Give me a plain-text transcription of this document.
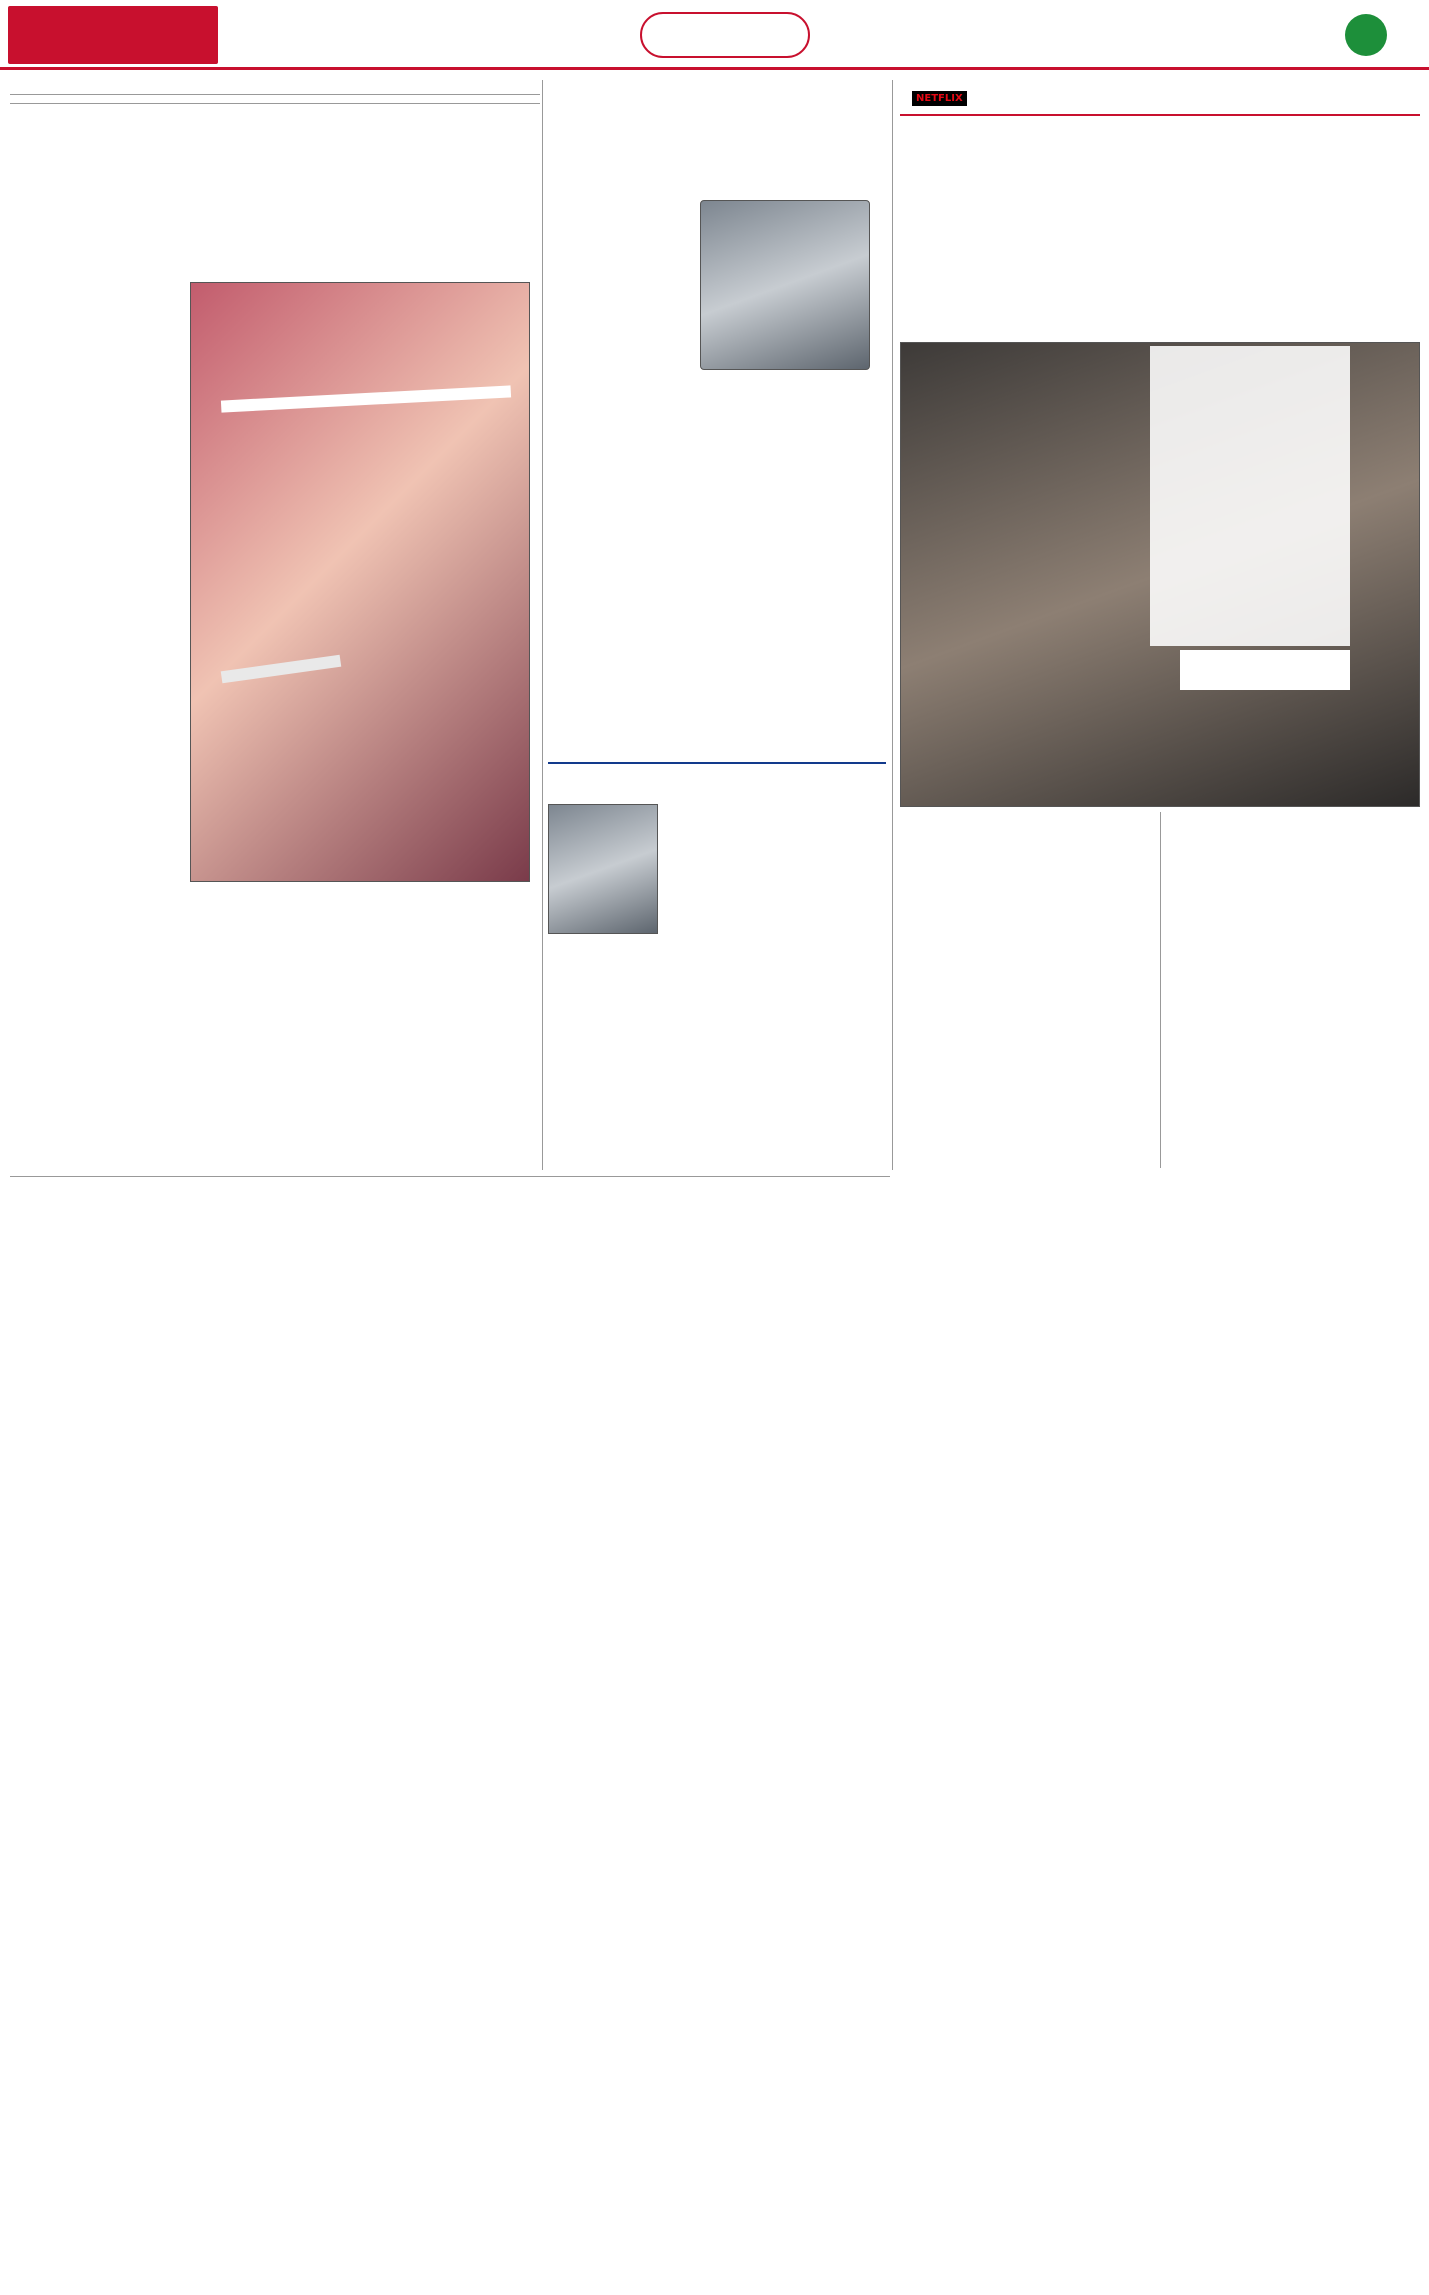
NETFLIX
